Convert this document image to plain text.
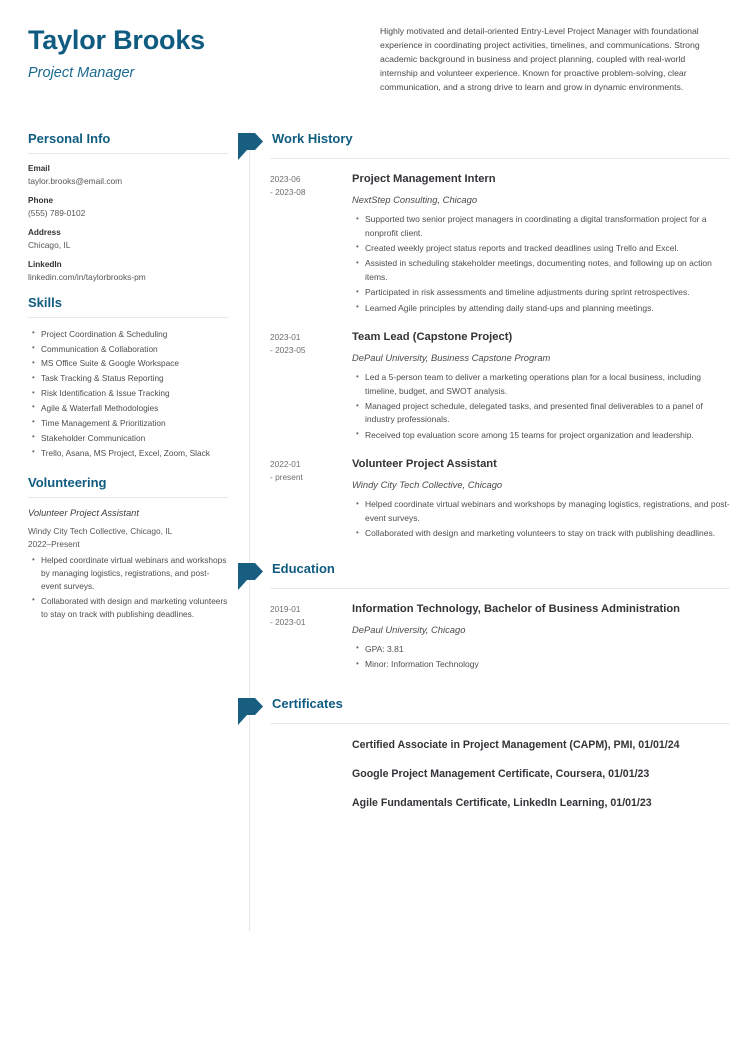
Taylor Brooks
Project Manager
Highly motivated and detail-oriented Entry-Level Project Manager with foundational experience in coordinating project activities, timelines, and communications. Strong academic background in business and project planning, coupled with real-world internship and volunteer experience. Known for proactive problem-solving, clear communication, and a strong drive to learn and grow in dynamic environments.
Personal Info
Email
taylor.brooks@email.com
Phone
(555) 789-0102
Address
Chicago, IL
LinkedIn
linkedin.com/in/taylorbrooks-pm
Skills
• Project Coordination & Scheduling
• Communication & Collaboration
• MS Office Suite & Google Workspace
• Task Tracking & Status Reporting
• Risk Identification & Issue Tracking
• Agile & Waterfall Methodologies
• Time Management & Prioritization
• Stakeholder Communication
• Trello, Asana, MS Project, Excel, Zoom, Slack
Volunteering
Volunteer Project Assistant
Windy City Tech Collective, Chicago, IL
2022–Present
• Helped coordinate virtual webinars and workshops by managing logistics, registrations, and post-event surveys.
• Collaborated with design and marketing volunteers to stay on track with publishing deadlines.
Work History
2023-06
- 2023-08
Project Management Intern
NextStep Consulting, Chicago
• Supported two senior project managers in coordinating a digital transformation project for a nonprofit client.
• Created weekly project status reports and tracked deadlines using Trello and Excel.
• Assisted in scheduling stakeholder meetings, documenting notes, and following up on action items.
• Participated in risk assessments and timeline adjustments during sprint retrospectives.
• Learned Agile principles by attending daily stand-ups and planning meetings.
2023-01
- 2023-05
Team Lead (Capstone Project)
DePaul University, Business Capstone Program
• Led a 5-person team to deliver a marketing operations plan for a local business, including timeline, budget, and SWOT analysis.
• Managed project schedule, delegated tasks, and presented final deliverables to a panel of industry professionals.
• Received top evaluation score among 15 teams for project organization and leadership.
2022-01
- present
Volunteer Project Assistant
Windy City Tech Collective, Chicago
• Helped coordinate virtual webinars and workshops by managing logistics, registrations, and post-event surveys.
• Collaborated with design and marketing volunteers to stay on track with publishing deadlines.
Education
2019-01
- 2023-01
Information Technology, Bachelor of Business Administration
DePaul University, Chicago
• GPA: 3.81
• Minor: Information Technology
Certificates
Certified Associate in Project Management (CAPM), PMI, 01/01/24
Google Project Management Certificate, Coursera, 01/01/23
Agile Fundamentals Certificate, LinkedIn Learning, 01/01/23
